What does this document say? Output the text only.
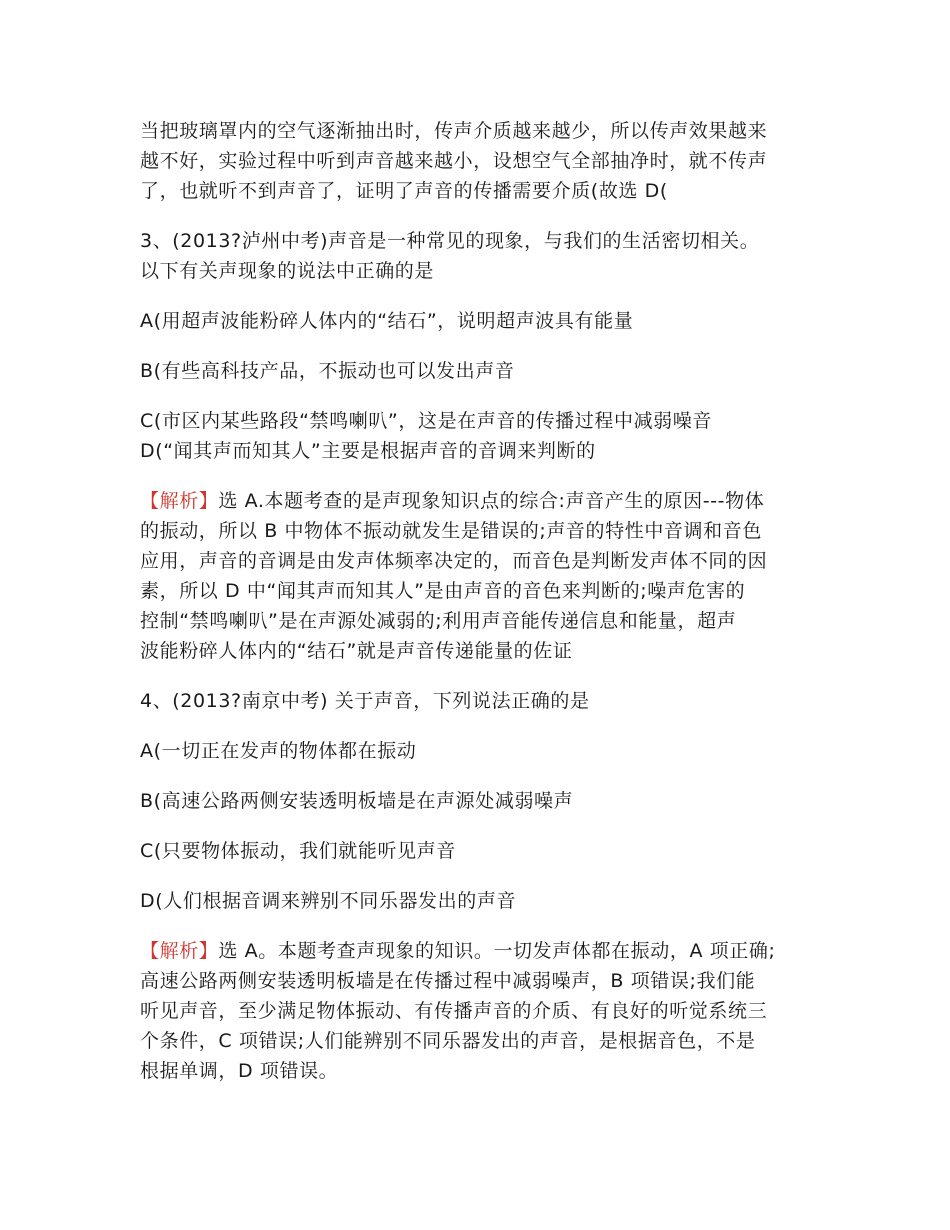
当把玻璃罩内的空气逐渐抽出时，传声介质越来越少，所以传声效果越来
越不好，实验过程中听到声音越来越小，设想空气全部抽净时，就不传声
了，也就听不到声音了，证明了声音的传播需要介质(故选 D(

3、(2013?泸州中考)声音是一种常见的现象，与我们的生活密切相关。
以下有关声现象的说法中正确的是

A(用超声波能粉碎人体内的“结石”，说明超声波具有能量

B(有些高科技产品，不振动也可以发出声音

C(市区内某些路段“禁鸣喇叭”，这是在声音的传播过程中减弱噪音
D(“闻其声而知其人”主要是根据声音的音调来判断的

【解析】选 A.本题考查的是声现象知识点的综合:声音产生的原因---物体
的振动，所以 B 中物体不振动就发生是错误的;声音的特性中音调和音色
应用，声音的音调是由发声体频率决定的，而音色是判断发声体不同的因
素，所以 D 中“闻其声而知其人”是由声音的音色来判断的;噪声危害的
控制“禁鸣喇叭”是在声源处减弱的;利用声音能传递信息和能量，超声
波能粉碎人体内的“结石”就是声音传递能量的佐证

4、(2013?南京中考) 关于声音，下列说法正确的是

A(一切正在发声的物体都在振动

B(高速公路两侧安装透明板墙是在声源处减弱噪声

C(只要物体振动，我们就能听见声音

D(人们根据音调来辨别不同乐器发出的声音

【解析】选 A。本题考查声现象的知识。一切发声体都在振动，A 项正确;
高速公路两侧安装透明板墙是在传播过程中减弱噪声，B 项错误;我们能
听见声音，至少满足物体振动、有传播声音的介质、有良好的听觉系统三
个条件，C 项错误;人们能辨别不同乐器发出的声音，是根据音色，不是
根据单调，D 项错误。
